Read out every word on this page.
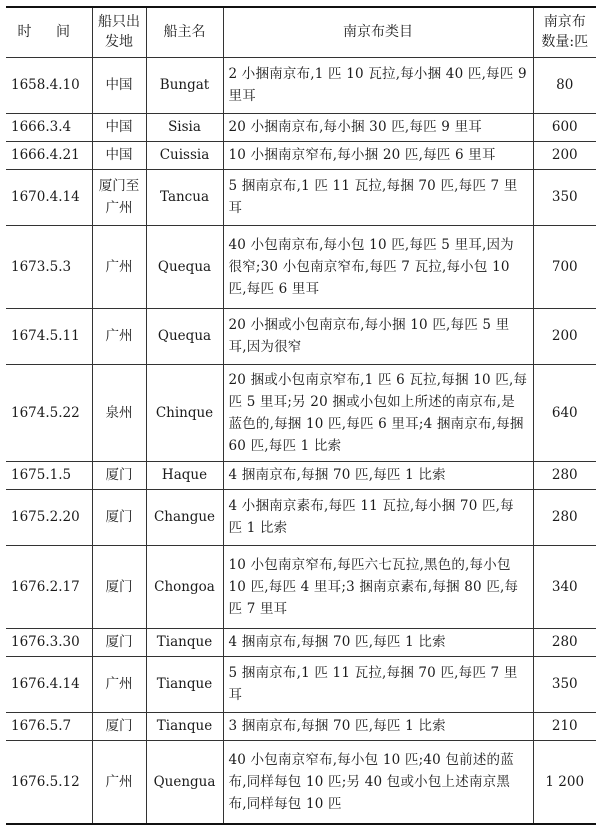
时 间	船只出发地	船主名	南京布类目	南京布数量:匹
1658.4.10	中国	Bungat	2 小捆南京布,1 匹 10 瓦拉,每小捆 40 匹,每匹 9 里耳	80
1666.3.4	中国	Sisia	20 小捆南京布,每小捆 30 匹,每匹 9 里耳	600
1666.4.21	中国	Cuissia	10 小捆南京窄布,每小捆 20 匹,每匹 6 里耳	200
1670.4.14	厦门至广州	Tancua	5 捆南京布,1 匹 11 瓦拉,每捆 70 匹,每匹 7 里耳	350
1673.5.3	广州	Quequa	40 小包南京布,每小包 10 匹,每匹 5 里耳,因为很窄;30 小包南京窄布,每匹 7 瓦拉,每小包 10 匹,每匹 6 里耳	700
1674.5.11	广州	Quequa	20 小捆或小包南京布,每小捆 10 匹,每匹 5 里耳,因为很窄	200
1674.5.22	泉州	Chinque	20 捆或小包南京窄布,1 匹 6 瓦拉,每捆 10 匹,每匹 5 里耳;另 20 捆或小包如上所述的南京布,是蓝色的,每捆 10 匹,每匹 6 里耳;4 捆南京布,每捆 60 匹,每匹 1 比索	640
1675.1.5	厦门	Haque	4 捆南京布,每捆 70 匹,每匹 1 比索	280
1675.2.20	厦门	Changue	4 小捆南京素布,每匹 11 瓦拉,每小捆 70 匹,每匹 1 比索	280
1676.2.17	厦门	Chongoa	10 小包南京窄布,每匹六七瓦拉,黑色的,每小包 10 匹,每匹 4 里耳;3 捆南京素布,每捆 80 匹,每匹 7 里耳	340
1676.3.30	厦门	Tianque	4 捆南京布,每捆 70 匹,每匹 1 比索	280
1676.4.14	广州	Tianque	5 捆南京布,1 匹 11 瓦拉,每捆 70 匹,每匹 7 里耳	350
1676.5.7	厦门	Tianque	3 捆南京布,每捆 70 匹,每匹 1 比索	210
1676.5.12	广州	Quengua	40 小包南京窄布,每小包 10 匹;40 包前述的蓝布,同样每包 10 匹;另 40 包或小包上述南京黑布,同样每包 10 匹	1 200
